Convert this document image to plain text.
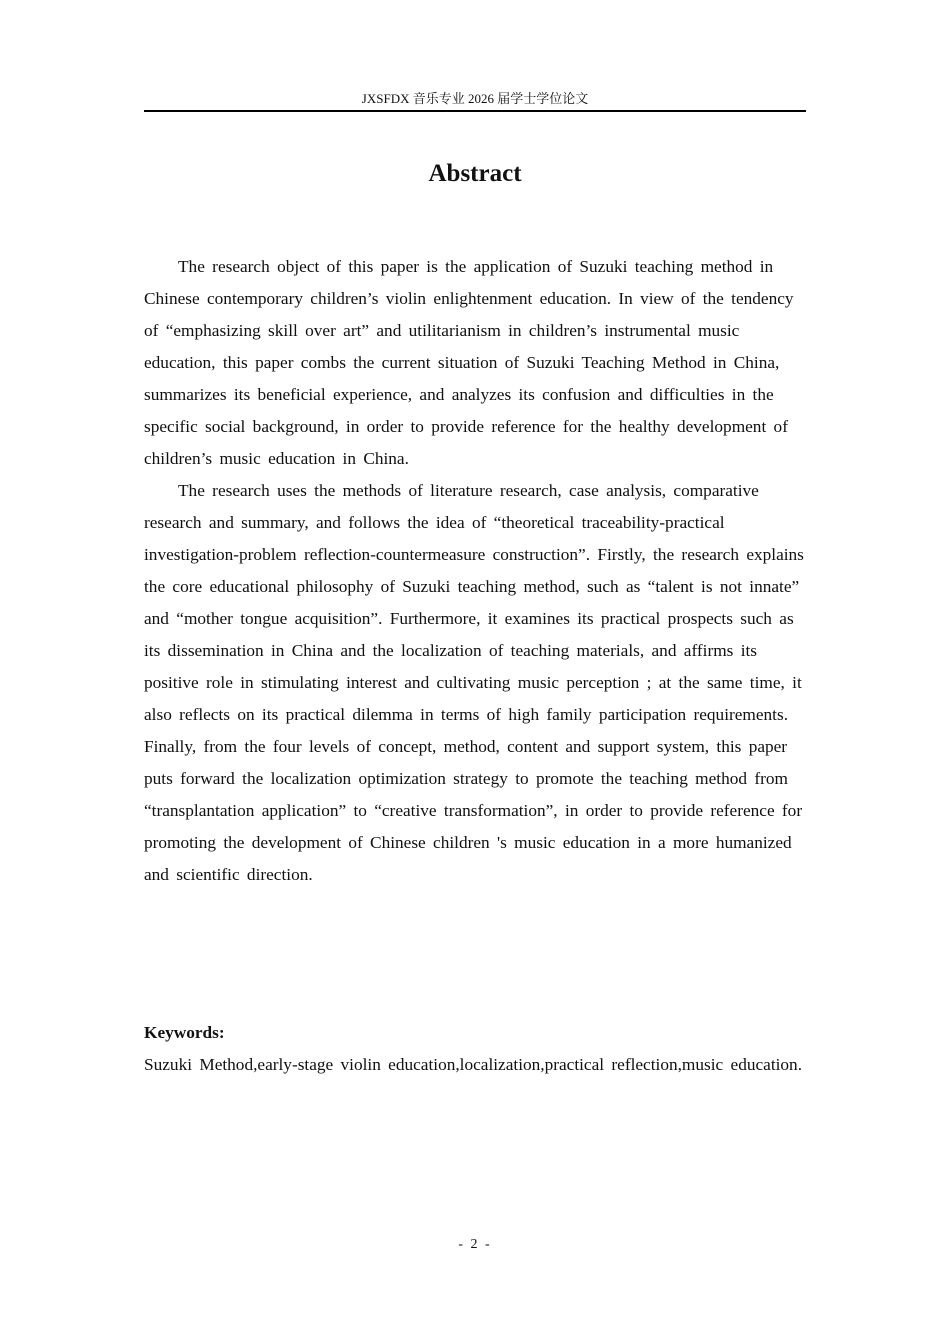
JXSFDX 音乐专业 2026 届学士学位论文
Abstract

The research object of this paper is the application of Suzuki teaching method in Chinese contemporary children’s violin enlightenment education. In view of the tendency of “emphasizing skill over art” and utilitarianism in children’s instrumental music education, this paper combs the current situation of Suzuki Teaching Method in China, summarizes its beneficial experience, and analyzes its confusion and difficulties in the specific social background, in order to provide reference for the healthy development of children’s music education in China.

The research uses the methods of literature research, case analysis, comparative research and summary, and follows the idea of “theoretical traceability-practical investigation-problem reflection-countermeasure construction”. Firstly, the research explains the core educational philosophy of Suzuki teaching method, such as “talent is not innate” and “mother tongue acquisition”. Furthermore, it examines its practical prospects such as its dissemination in China and the localization of teaching materials, and affirms its positive role in stimulating interest and cultivating music perception ; at the same time, it also reflects on its practical dilemma in terms of high family participation requirements. Finally, from the four levels of concept, method, content and support system, this paper puts forward the localization optimization strategy to promote the teaching method from “transplantation application” to “creative transformation”, in order to provide reference for promoting the development of Chinese children 's music education in a more humanized and scientific direction.

Keywords:
Suzuki Method,early-stage violin education,localization,practical reflection,music education.
- 2 -
